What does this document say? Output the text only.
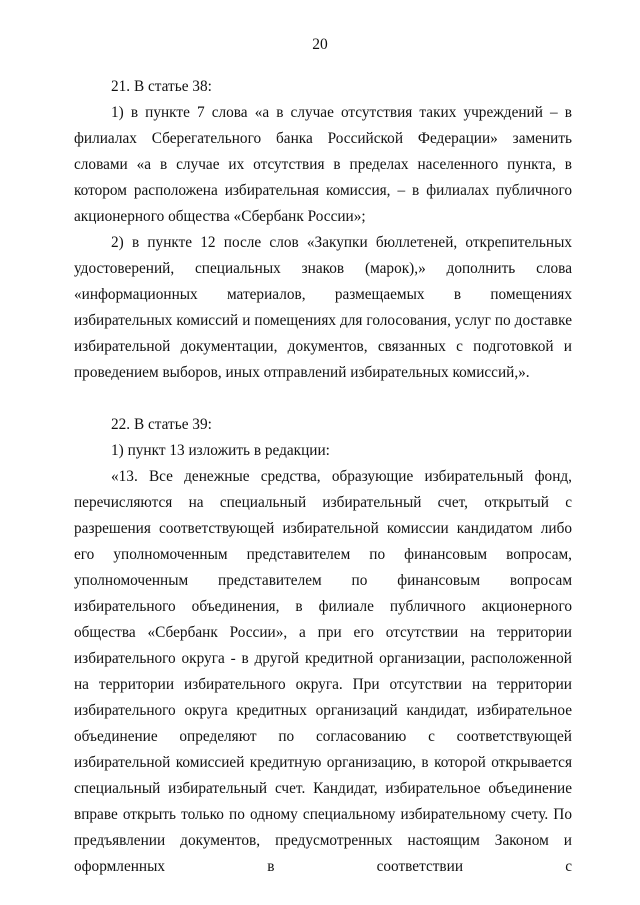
20

21. В статье 38:

1) в пункте 7 слова «а в случае отсутствия таких учреждений – в филиалах Сберегательного банка Российской Федерации» заменить словами «а в случае их отсутствия в пределах населенного пункта, в котором расположена избирательная комиссия, – в филиалах публичного акционерного общества «Сбербанк России»;

2) в пункте 12 после слов «Закупки бюллетеней, открепительных удостоверений, специальных знаков (марок),» дополнить слова «информационных материалов, размещаемых в помещениях избирательных комиссий и помещениях для голосования, услуг по доставке избирательной документации, документов, связанных с подготовкой и проведением выборов, иных отправлений избирательных комиссий,».

22. В статье 39:

1) пункт 13 изложить в редакции:

«13. Все денежные средства, образующие избирательный фонд, перечисляются на специальный избирательный счет, открытый с разрешения соответствующей избирательной комиссии кандидатом либо его уполномоченным представителем по финансовым вопросам, уполномоченным представителем по финансовым вопросам избирательного объединения, в филиале публичного акционерного общества «Сбербанк России», а при его отсутствии на территории избирательного округа - в другой кредитной организации, расположенной на территории избирательного округа. При отсутствии на территории избирательного округа кредитных организаций кандидат, избирательное объединение определяют по согласованию с соответствующей избирательной комиссией кредитную организацию, в которой открывается специальный избирательный счет. Кандидат, избирательное объединение вправе открыть только по одному специальному избирательному счету. По предъявлении документов, предусмотренных настоящим Законом и оформленных в соответствии с
